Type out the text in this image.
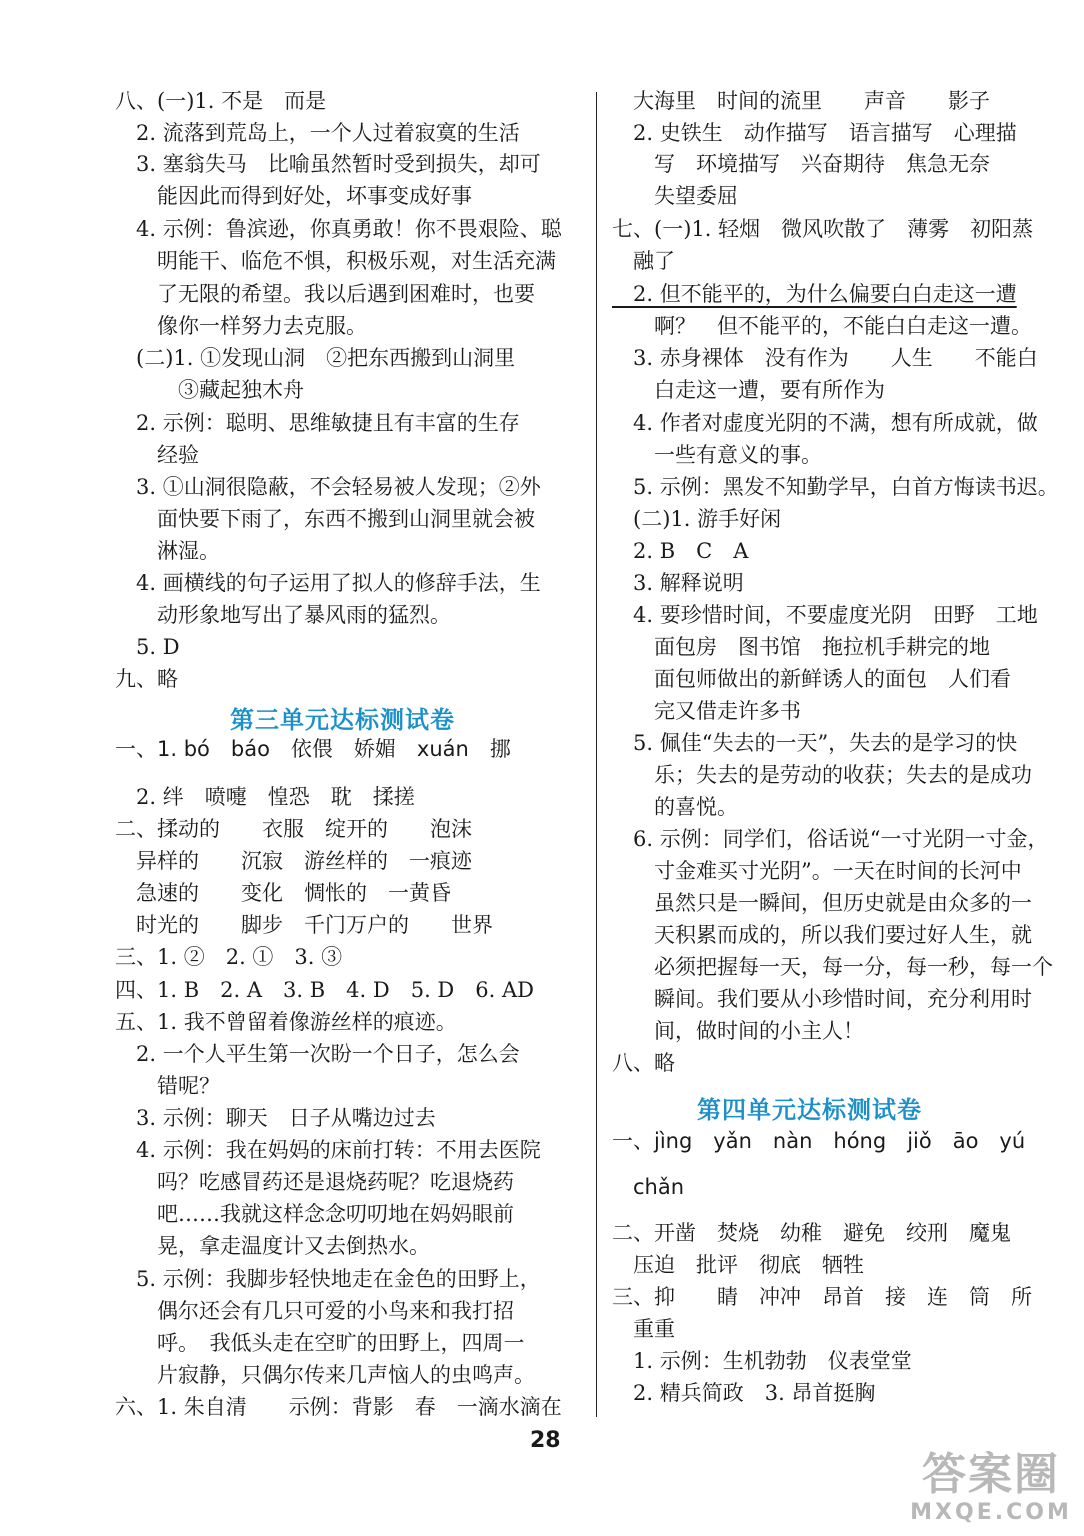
八、(一)1. 不是　而是
　2. 流落到荒岛上，一个人过着寂寞的生活
　3. 塞翁失马　比喻虽然暂时受到损失，却可
　　能因此而得到好处，坏事变成好事
　4. 示例：鲁滨逊，你真勇敢！你不畏艰险、聪
　　明能干、临危不惧，积极乐观，对生活充满
　　了无限的希望。我以后遇到困难时，也要
　　像你一样努力去克服。
　(二)1. ①发现山洞　②把东西搬到山洞里
　　　③藏起独木舟
　2. 示例：聪明、思维敏捷且有丰富的生存
　　经验
　3. ①山洞很隐蔽，不会轻易被人发现；②外
　　面快要下雨了，东西不搬到山洞里就会被
　　淋湿。
　4. 画横线的句子运用了拟人的修辞手法，生
　　动形象地写出了暴风雨的猛烈。
　5. D
九、略
第三单元达标测试卷
一、1. bó　báo　依偎　娇媚　xuán　挪
　2. 绊　喷嚏　惶恐　耽　揉搓
二、揉动的　　衣服　绽开的　　泡沫
　异样的　　沉寂　游丝样的　一痕迹
　急速的　　变化　惆怅的　一黄昏
　时光的　　脚步　千门万户的　　世界
三、1. ②　2. ①　3. ③
四、1. B　2. A　3. B　4. D　5. D　6. AD
五、1. 我不曾留着像游丝样的痕迹。
　2. 一个人平生第一次盼一个日子，怎么会
　　错呢？
　3. 示例：聊天　日子从嘴边过去
　4. 示例：我在妈妈的床前打转：不用去医院
　　吗？吃感冒药还是退烧药呢？吃退烧药
　　吧……我就这样念念叨叨地在妈妈眼前
　　晃，拿走温度计又去倒热水。
　5. 示例：我脚步轻快地走在金色的田野上，
　　偶尔还会有几只可爱的小鸟来和我打招
　　呼。　我低头走在空旷的田野上，四周一
　　片寂静，只偶尔传来几声恼人的虫鸣声。
六、1. 朱自清　　示例：背影　春　一滴水滴在
　大海里　时间的流里　　声音　　影子
　2. 史铁生　动作描写　语言描写　心理描
　　写　环境描写　兴奋期待　焦急无奈
　　失望委屈
七、(一)1. 轻烟　微风吹散了　薄雾　初阳蒸
　融了
　2. 但不能平的，为什么偏要白白走这一遭
　　啊？　但不能平的，不能白白走这一遭。
　3. 赤身裸体　没有作为　　人生　　不能白
　　白走这一遭，要有所作为
　4. 作者对虚度光阴的不满，想有所成就，做
　　一些有意义的事。
　5. 示例：黑发不知勤学早，白首方悔读书迟。
　(二)1. 游手好闲
　2. B　C　A
　3. 解释说明
　4. 要珍惜时间，不要虚度光阴　田野　工地
　　面包房　图书馆　拖拉机手耕完的地
　　面包师做出的新鲜诱人的面包　人们看
　　完又借走许多书
　5. 佩佳“失去的一天”，失去的是学习的快
　　乐；失去的是劳动的收获；失去的是成功
　　的喜悦。
　6. 示例：同学们，俗话说“一寸光阴一寸金，
　　寸金难买寸光阴”。一天在时间的长河中
　　虽然只是一瞬间，但历史就是由众多的一
　　天积累而成的，所以我们要过好人生，就
　　必须把握每一天，每一分，每一秒，每一个
　　瞬间。我们要从小珍惜时间，充分利用时
　　间，做时间的小主人！
八、略
第四单元达标测试卷
一、jìng　yǎn　nàn　hóng　jiǒ　āo　yú
　chǎn
二、开凿　焚烧　幼稚　避免　绞刑　魔鬼
　压迫　批评　彻底　牺牲
三、抑　　睛　冲冲　昂首　接　连　筒　所
　重重
　1. 示例：生机勃勃　仪表堂堂
　2. 精兵简政　3. 昂首挺胸
28
答案圈
MXQE.COM
